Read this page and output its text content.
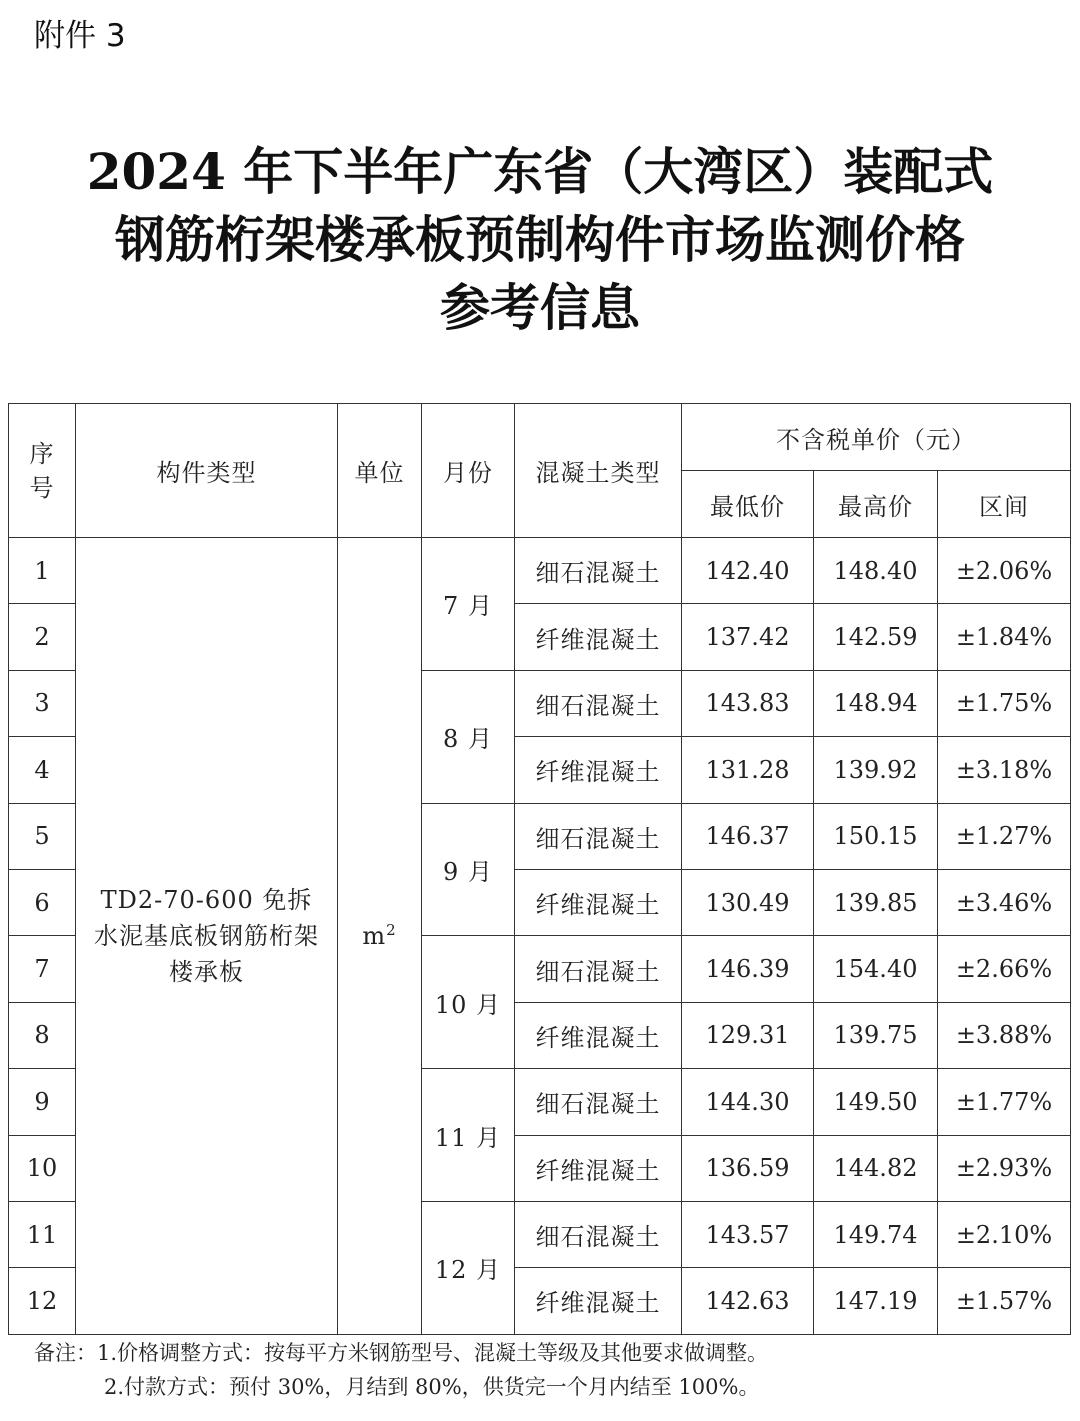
附件 3
2024 年下半年广东省（大湾区）装配式
钢筋桁架楼承板预制构件市场监测价格
参考信息
序号	构件类型	单位	月份	混凝土类型	不含税单价（元）		
					最低价	最高价	区间
1	TD2-70-600 免拆水泥基底板钢筋桁架楼承板	$m^2$	7 月	细石混凝土	142.40	148.40	±2.06%
2				纤维混凝土	137.42	142.59	±1.84%
3			8 月	细石混凝土	143.83	148.94	±1.75%
4				纤维混凝土	131.28	139.92	±3.18%
5			9 月	细石混凝土	146.37	150.15	±1.27%
6				纤维混凝土	130.49	139.85	±3.46%
7			10 月	细石混凝土	146.39	154.40	±2.66%
8				纤维混凝土	129.31	139.75	±3.88%
9			11 月	细石混凝土	144.30	149.50	±1.77%
10				纤维混凝土	136.59	144.82	±2.93%
11			12 月	细石混凝土	143.57	149.74	±2.10%
12				纤维混凝土	142.63	147.19	±1.57%
备注：1.价格调整方式：按每平方米钢筋型号、混凝土等级及其他要求做调整。
2.付款方式：预付 30%，月结到 80%，供货完一个月内结至 100%。
